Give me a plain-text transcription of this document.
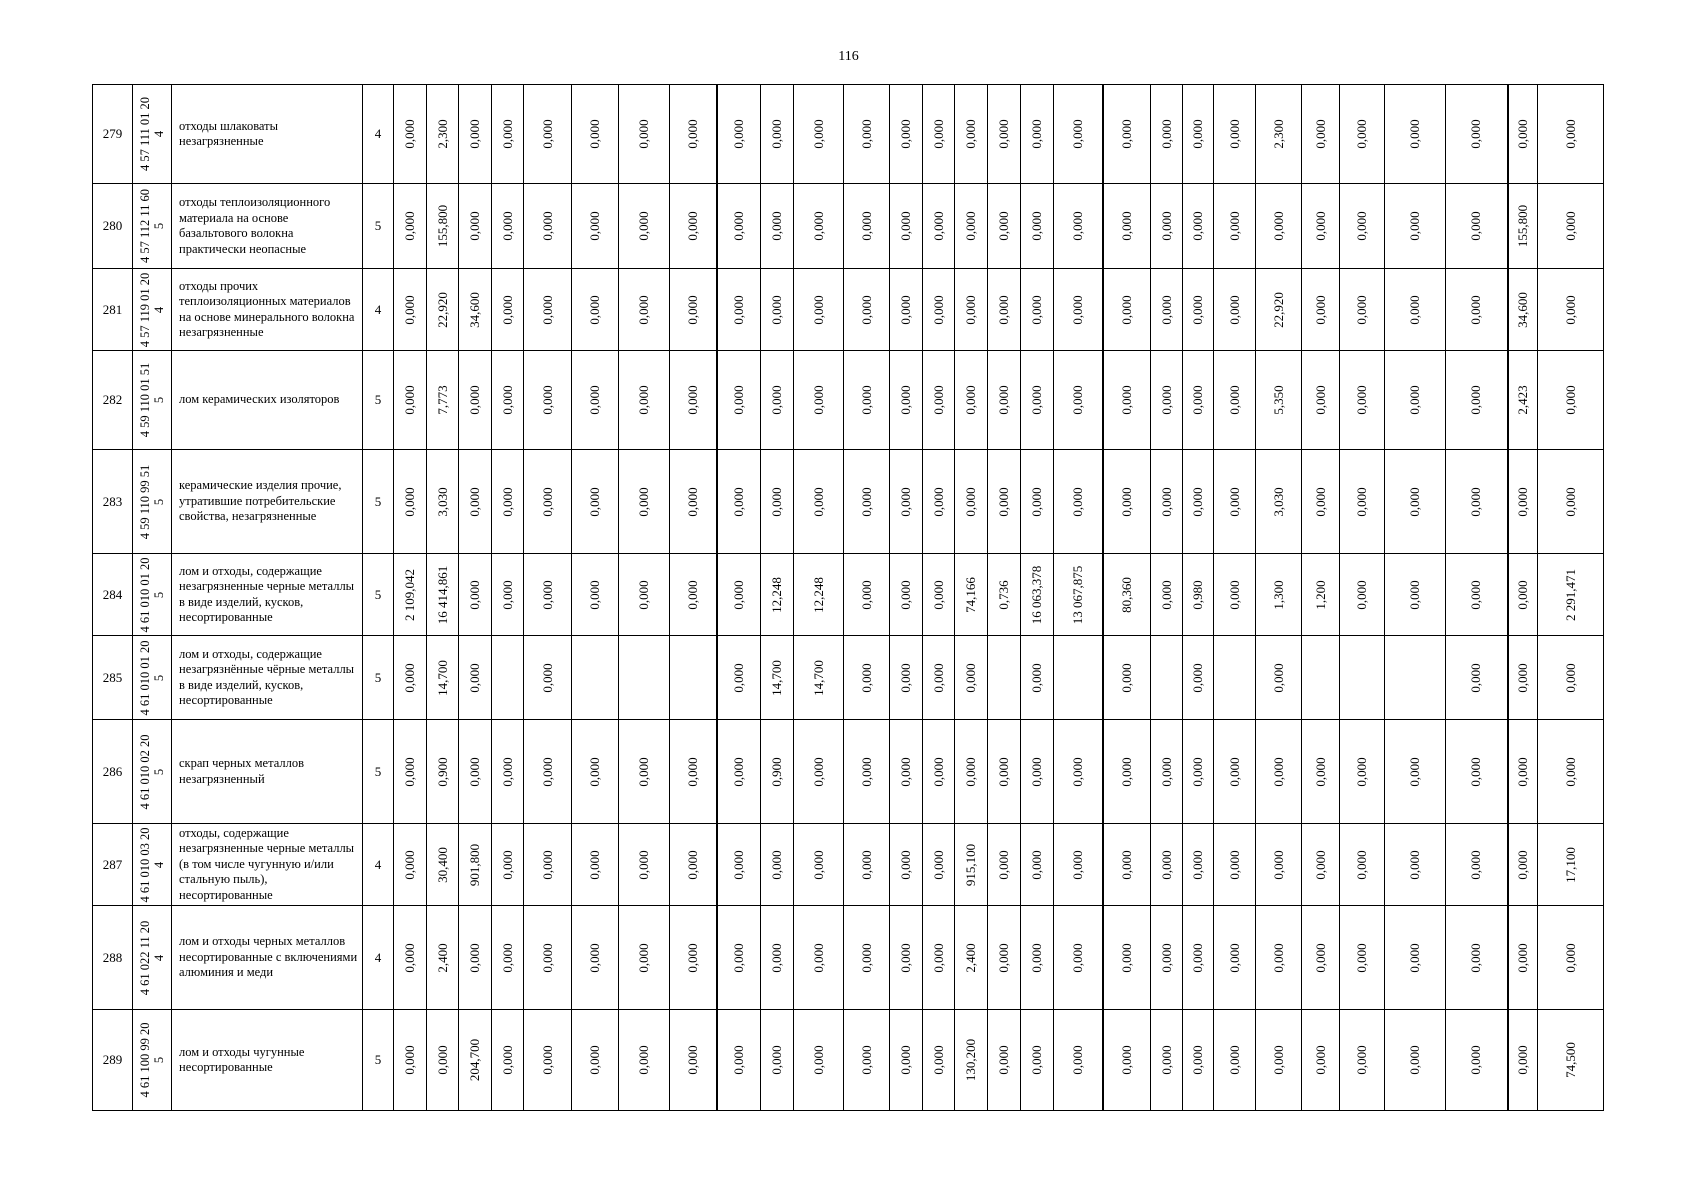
116
279	4 57 111 01 20 4	отходы шлаковаты незагрязненные	4	0,000	2,300	0,000	0,000	0,000	0,000	0,000	0,000	0,000	0,000	0,000	0,000	0,000	0,000	0,000	0,000	0,000	0,000	0,000	0,000	0,000	0,000	2,300	0,000	0,000	0,000	0,000	0,000	0,000

280	4 57 112 11 60 5	отходы теплоизоляционного материала на основе базальтового волокна практически неопасные	5	0,000	155,800	0,000	0,000	0,000	0,000	0,000	0,000	0,000	0,000	0,000	0,000	0,000	0,000	0,000	0,000	0,000	0,000	0,000	0,000	0,000	0,000	0,000	0,000	0,000	0,000	0,000	155,800	0,000

281	4 57 119 01 20 4	отходы прочих теплоизоляционных материалов на основе минерального волокна незагрязненные	4	0,000	22,920	34,600	0,000	0,000	0,000	0,000	0,000	0,000	0,000	0,000	0,000	0,000	0,000	0,000	0,000	0,000	0,000	0,000	0,000	0,000	0,000	22,920	0,000	0,000	0,000	0,000	34,600	0,000

282	4 59 110 01 51 5	лом керамических изоляторов	5	0,000	7,773	0,000	0,000	0,000	0,000	0,000	0,000	0,000	0,000	0,000	0,000	0,000	0,000	0,000	0,000	0,000	0,000	0,000	0,000	0,000	0,000	5,350	0,000	0,000	0,000	0,000	2,423	0,000

283	4 59 110 99 51 5	керамические изделия прочие, утратившие потребительские свойства, незагрязненные	5	0,000	3,030	0,000	0,000	0,000	0,000	0,000	0,000	0,000	0,000	0,000	0,000	0,000	0,000	0,000	0,000	0,000	0,000	0,000	0,000	0,000	0,000	3,030	0,000	0,000	0,000	0,000	0,000	0,000

284	4 61 010 01 20 5	лом и отходы, содержащие незагрязненные черные металлы в виде изделий, кусков, несортированные	5	2 109,042	16 414,861	0,000	0,000	0,000	0,000	0,000	0,000	0,000	12,248	12,248	0,000	0,000	0,000	74,166	0,736	16 063,378	13 067,875	80,360	0,000	0,980	0,000	1,300	1,200	0,000	0,000	0,000	0,000	2 291,471

285	4 61 010 01 20 5	лом и отходы, содержащие незагрязнённые чёрные металлы в виде изделий, кусков, несортированные	5	0,000	14,700	0,000		0,000				0,000	14,700	14,700	0,000	0,000	0,000	0,000		0,000		0,000		0,000		0,000				0,000	0,000	0,000

286	4 61 010 02 20 5	скрап черных металлов незагрязненный	5	0,000	0,900	0,000	0,000	0,000	0,000	0,000	0,000	0,000	0,900	0,000	0,000	0,000	0,000	0,000	0,000	0,000	0,000	0,000	0,000	0,000	0,000	0,000	0,000	0,000	0,000	0,000	0,000	0,000

287	4 61 010 03 20 4	отходы, содержащие незагрязненные черные металлы (в том числе чугунную и/или стальную пыль), несортированные	4	0,000	30,400	901,800	0,000	0,000	0,000	0,000	0,000	0,000	0,000	0,000	0,000	0,000	0,000	915,100	0,000	0,000	0,000	0,000	0,000	0,000	0,000	0,000	0,000	0,000	0,000	0,000	0,000	17,100

288	4 61 022 11 20 4	лом и отходы черных металлов несортированные с включениями алюминия и меди	4	0,000	2,400	0,000	0,000	0,000	0,000	0,000	0,000	0,000	0,000	0,000	0,000	0,000	0,000	2,400	0,000	0,000	0,000	0,000	0,000	0,000	0,000	0,000	0,000	0,000	0,000	0,000	0,000	0,000

289	4 61 100 99 20 5	лом и отходы чугунные несортированные	5	0,000	0,000	204,700	0,000	0,000	0,000	0,000	0,000	0,000	0,000	0,000	0,000	0,000	0,000	130,200	0,000	0,000	0,000	0,000	0,000	0,000	0,000	0,000	0,000	0,000	0,000	0,000	0,000	74,500
